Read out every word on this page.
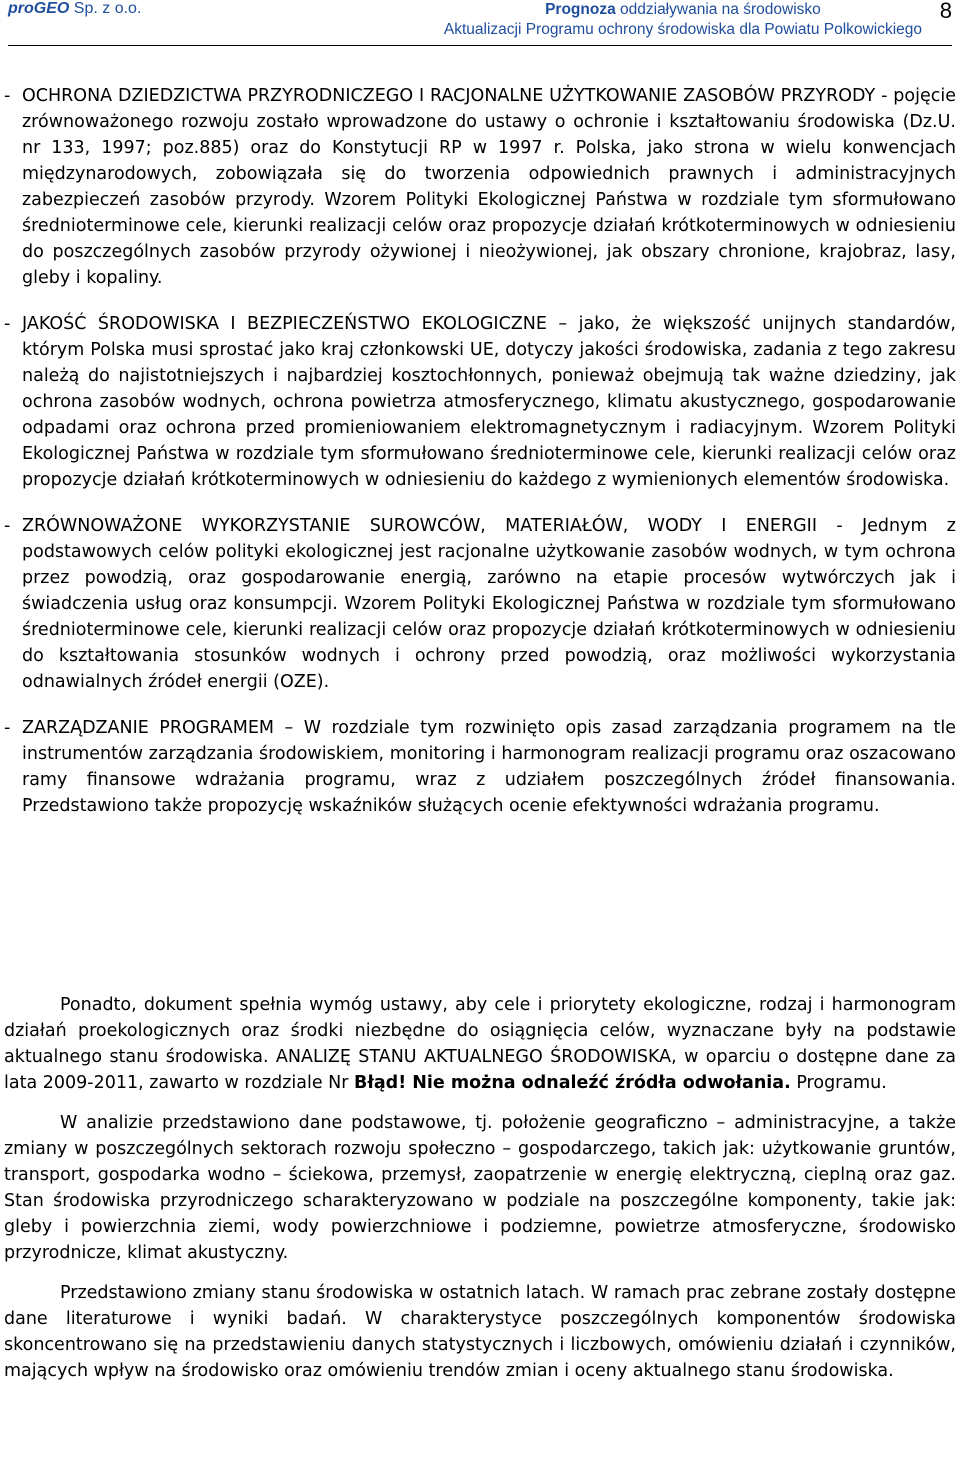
proGEO Sp. z o.o.	Prognoza oddziaływania na środowisko
Aktualizacji Programu ochrony środowiska dla Powiatu Polkowickiego
8
- OCHRONA DZIEDZICTWA PRZYRODNICZEGO I RACJONALNE UŻYTKOWANIE ZASOBÓW PRZYRODY - pojęcie zrównoważonego rozwoju zostało wprowadzone do ustawy o ochronie i kształtowaniu środowiska (Dz.U. nr 133, 1997; poz.885) oraz do Konstytucji RP w 1997 r. Polska, jako strona w wielu konwencjach międzynarodowych, zobowiązała się do tworzenia odpowiednich prawnych i administracyjnych zabezpieczeń zasobów przyrody. Wzorem Polityki Ekologicznej Państwa w rozdziale tym sformułowano średnioterminowe cele, kierunki realizacji celów oraz propozycje działań krótkoterminowych w odniesieniu do poszczególnych zasobów przyrody ożywionej i nieożywionej, jak obszary chronione, krajobraz, lasy, gleby i kopaliny.
- JAKOŚĆ ŚRODOWISKA I BEZPIECZEŃSTWO EKOLOGICZNE – jako, że większość unijnych standardów, którym Polska musi sprostać jako kraj członkowski UE, dotyczy jakości środowiska, zadania z tego zakresu należą do najistotniejszych i najbardziej kosztochłonnych, ponieważ obejmują tak ważne dziedziny, jak ochrona zasobów wodnych, ochrona powietrza atmosferycznego, klimatu akustycznego, gospodarowanie odpadami oraz ochrona przed promieniowaniem elektromagnetycznym i radiacyjnym. Wzorem Polityki Ekologicznej Państwa w rozdziale tym sformułowano średnioterminowe cele, kierunki realizacji celów oraz propozycje działań krótkoterminowych w odniesieniu do każdego z wymienionych elementów środowiska.
- ZRÓWNOWAŻONE WYKORZYSTANIE SUROWCÓW, MATERIAŁÓW, WODY I ENERGII - Jednym z podstawowych celów polityki ekologicznej jest racjonalne użytkowanie zasobów wodnych, w tym ochrona przez powodzią, oraz gospodarowanie energią, zarówno na etapie procesów wytwórczych jak i świadczenia usług oraz konsumpcji. Wzorem Polityki Ekologicznej Państwa w rozdziale tym sformułowano średnioterminowe cele, kierunki realizacji celów oraz propozycje działań krótkoterminowych w odniesieniu do kształtowania stosunków wodnych i ochrony przed powodzią, oraz możliwości wykorzystania odnawialnych źródeł energii (OZE).
- ZARZĄDZANIE PROGRAMEM – W rozdziale tym rozwinięto opis zasad zarządzania programem na tle instrumentów zarządzania środowiskiem, monitoring i harmonogram realizacji programu oraz oszacowano ramy finansowe wdrażania programu, wraz z udziałem poszczególnych źródeł finansowania. Przedstawiono także propozycję wskaźników służących ocenie efektywności wdrażania programu.

Ponadto, dokument spełnia wymóg ustawy, aby cele i priorytety ekologiczne, rodzaj i harmonogram działań proekologicznych oraz środki niezbędne do osiągnięcia celów, wyznaczane były na podstawie aktualnego stanu środowiska. ANALIZĘ STANU AKTUALNEGO ŚRODOWISKA, w oparciu o dostępne dane za lata 2009-2011, zawarto w rozdziale Nr Błąd! Nie można odnaleźć źródła odwołania. Programu.

W analizie przedstawiono dane podstawowe, tj. położenie geograficzno – administracyjne, a także zmiany w poszczególnych sektorach rozwoju społeczno – gospodarczego, takich jak: użytkowanie gruntów, transport, gospodarka wodno – ściekowa, przemysł, zaopatrzenie w energię elektryczną, cieplną oraz gaz. Stan środowiska przyrodniczego scharakteryzowano w podziale na poszczególne komponenty, takie jak: gleby i powierzchnia ziemi, wody powierzchniowe i podziemne, powietrze atmosferyczne, środowisko przyrodnicze, klimat akustyczny.

Przedstawiono zmiany stanu środowiska w ostatnich latach. W ramach prac zebrane zostały dostępne dane literaturowe i wyniki badań. W charakterystyce poszczególnych komponentów środowiska skoncentrowano się na przedstawieniu danych statystycznych i liczbowych, omówieniu działań i czynników, mających wpływ na środowisko oraz omówieniu trendów zmian i oceny aktualnego stanu środowiska.
